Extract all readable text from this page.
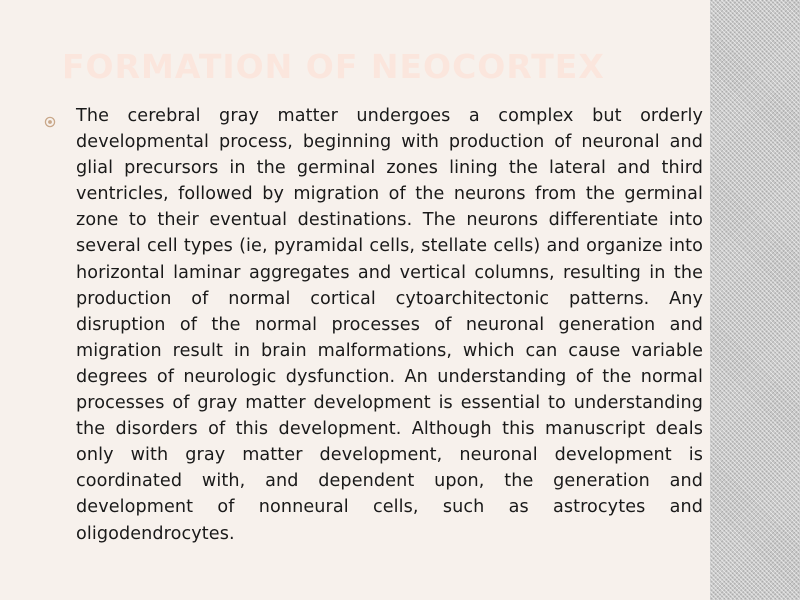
FORMATION OF NEOCORTEX

The cerebral gray matter undergoes a complex but orderly developmental process, beginning with production of neuronal and glial precursors in the germinal zones lining the lateral and third ventricles, followed by migration of the neurons from the germinal zone to their eventual destinations. The neurons differentiate into several cell types (ie, pyramidal cells, stellate cells) and organize into horizontal laminar aggregates and vertical columns, resulting in the production of normal cortical cytoarchitectonic patterns. Any disruption of the normal processes of neuronal generation and migration result in brain malformations, which can cause variable degrees of neurologic dysfunction. An understanding of the normal processes of gray matter development is essential to understanding the disorders of this development. Although this manuscript deals only with gray matter development, neuronal development is coordinated with, and dependent upon, the generation and development of nonneural cells, such as astrocytes and oligodendrocytes.
